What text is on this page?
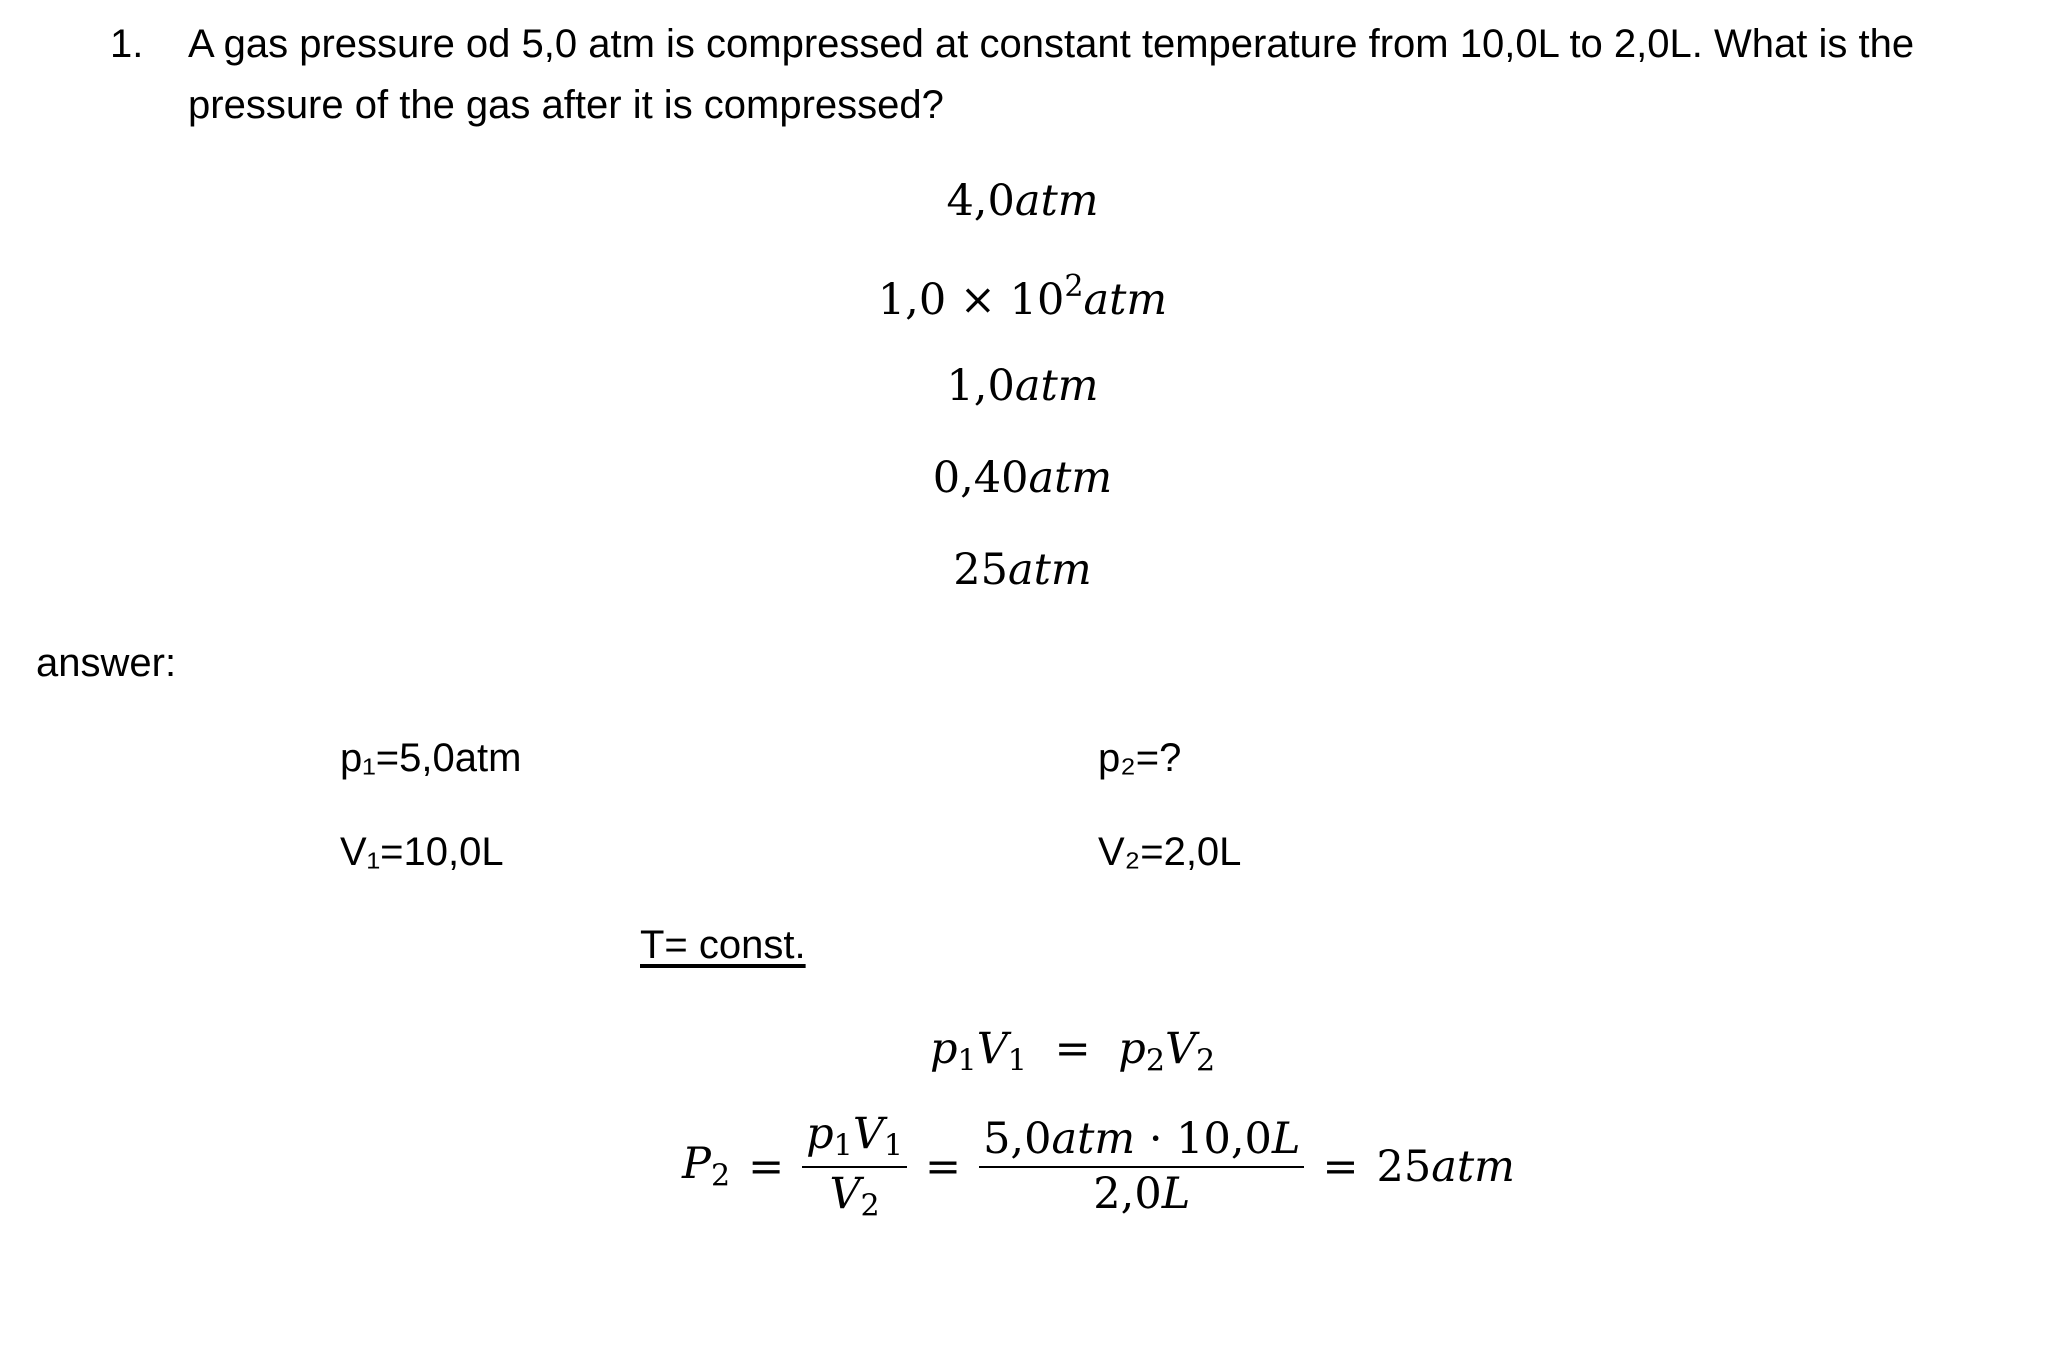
1. A gas pressure od 5,0 atm is compressed at constant temperature from 10,0L to 2,0L. What is the
pressure of the gas after it is compressed?
4,0atm
$1,0 \times 10^2atm$
1,0atm
0,40atm
25atm
answer:
p₁=5,0atm
V₁=10,0L
p₂=?
V₂=2,0L
T= const.
$p_1V_1 = p_2V_2$
$P_2 = \frac{p_1V_1}{V_2} = \frac{\text{5,0atm · 10,0L}}{2,0L} = 25atm$
